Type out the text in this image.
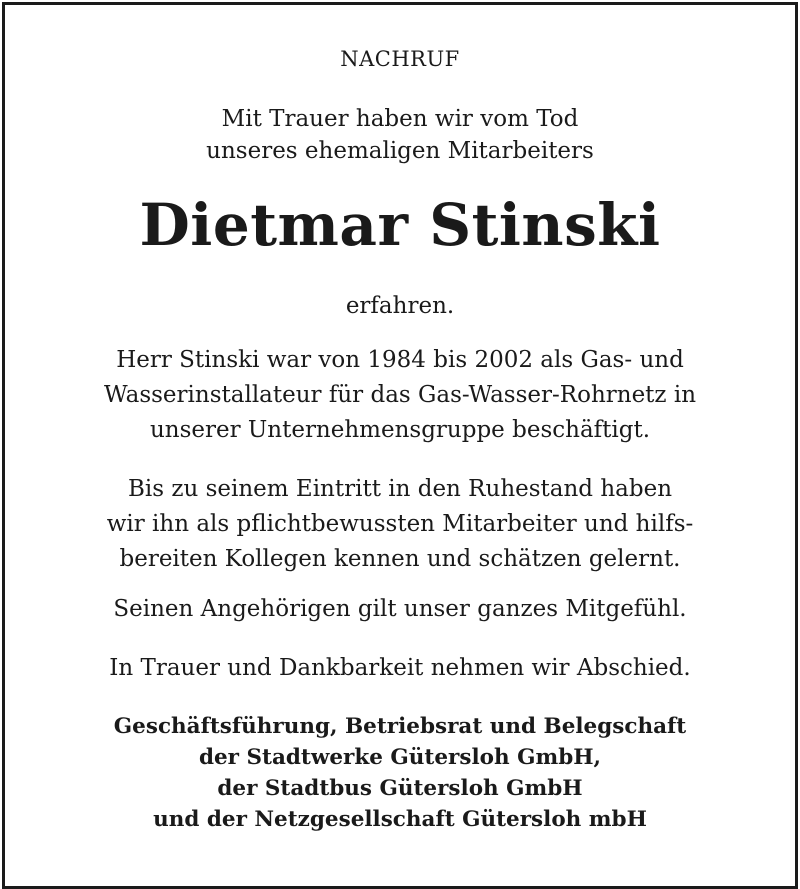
NACHRUF
Mit Trauer haben wir vom Tod
unseres ehemaligen Mitarbeiters
Dietmar Stinski
erfahren.
Herr Stinski war von 1984 bis 2002 als Gas- und
Wasserinstallateur für das Gas-Wasser-Rohrnetz in
unserer Unternehmensgruppe beschäftigt.
Bis zu seinem Eintritt in den Ruhestand haben
wir ihn als pflichtbewussten Mitarbeiter und hilfs-
bereiten Kollegen kennen und schätzen gelernt.
Seinen Angehörigen gilt unser ganzes Mitgefühl.
In Trauer und Dankbarkeit nehmen wir Abschied.
Geschäftsführung, Betriebsrat und Belegschaft
der Stadtwerke Gütersloh GmbH,
der Stadtbus Gütersloh GmbH
und der Netzgesellschaft Gütersloh mbH
